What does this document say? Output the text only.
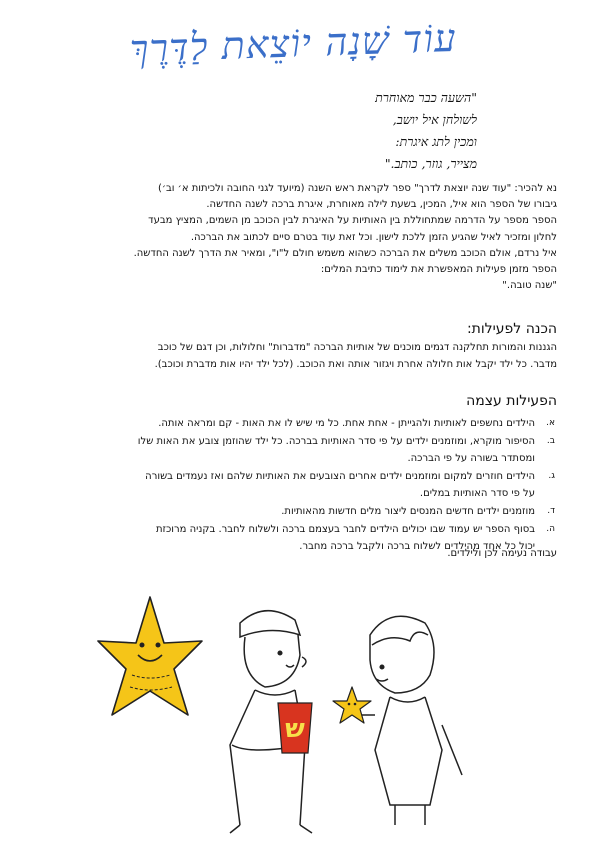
עוֹד שָׁנָה יוֹצֵאת לַדֶּרֶךְ
"השעה כבר מאוחרת
לשולחן איל יושב,
ומכין לתג איגרת:
מצייר, גוזר, כותב."
נא להכיר: "עוד שנה יוצאת לדרך" ספר לקראת ראש השנה (מיועד לגני החובה ולכיתות א׳ וב׳)
גיבורו של הספר הוא איל, המכין, בשעת לילה מאוחרת, איגרת ברכה לשנה החדשה.
הספר מספר על הדרמה שמתחוללת בין האותיות על האיגרת לבין הכוכב מן השמים, המציץ מבעד
לחלון ומזכיר לאיל שהגיע הזמן ללכת לישון. וכל זאת עוד בטרם סיים לכתוב את הברכה.
איל נרדם, אולם הכוכב משלים את הברכה כשהוא משמש חולם ל"ו", ומאיר את הדרך לשנה החדשה.
הספר מזמן פעילות המאפשרת את לימוד כתיבת המלים:
"שנה טובה."
הכנה לפעילות:
הגננות והמורות תחלקנה דגמים מוכנים של אותיות הברכה "מדברות" וחלולות, וכן דגם של כוכב
מדבר. כל ילד יקבל אות חלולה אחרת ויגזור אותה ואת הכוכב. (לכל ילד יהיו אות מדברת וכוכב).
הפעילות עצמה
א.
הילדים נחשפים לאותיות ולהגייתן - אחת אחת. כל מי שיש לו את האות - קם ומראה אותה.
ב.
הסיפור מוקרא, ומוזמנים ילדים על פי סדר האותיות בברכה. כל ילד שהוזמן צובע את האות שלו
ומסתדר בשורה על פי הברכה.
ג.
הילדים חוזרים למקום ומוזמנים ילדים אחרים הצובעים את האותיות שלהם ואז נעמדים בשורה
על פי סדר האותיות במלים.
ד.
מוזמנים ילדים חדשים המנסים ליצור מלים חדשות מהאותיות.
ה.
בסוף הספר יש עמוד שבו יכולים הילדים לחבר בעצמם ברכה ולשלוח לחבר. בקניה מרוכזת
יכול כל אחד מהילדים לשלוח ברכה ולקבל ברכה מחבר.
עבודה נעימה לכן ולילדים.
ש
